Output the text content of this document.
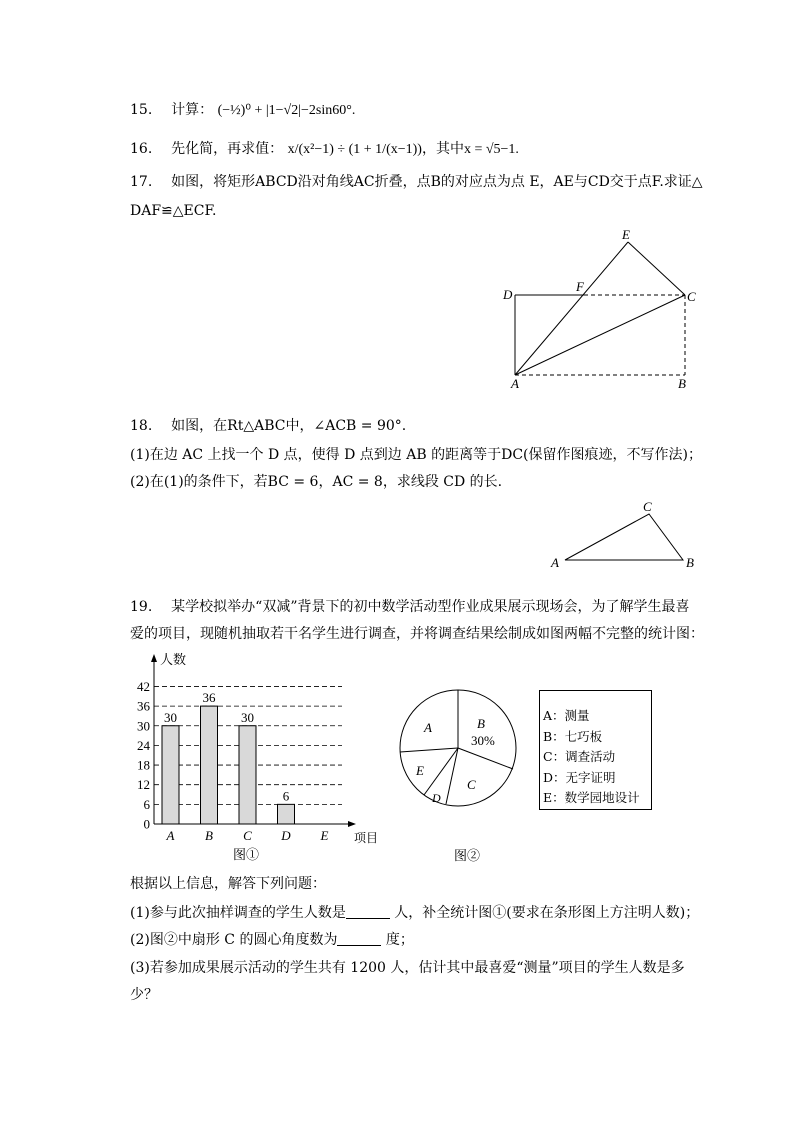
15. 计算： (−½)⁰ + |1−√2|−2sin60°.
16. 先化简，再求值： x/(x²−1) ÷ (1 + 1/(x−1))，其中x = √5−1.
17. 如图，将矩形ABCD沿对角线AC折叠，点B的对应点为点 E，AE与CD交于点F.求证△
DAF≌△ECF.
E
D
F
C
A	B
18. 如图，在Rt△ABC中，∠ACB = 90°.
(1)在边 AC 上找一个 D 点，使得 D 点到边 AB 的距离等于DC(保留作图痕迹，不写作法)；
(2)在(1)的条件下，若BC = 6，AC = 8，求线段 CD 的长.
A
C
B
19. 某学校拟举办“双减”背景下的初中数学活动型作业成果展示现场会，为了解学生最喜
爱的项目，现随机抽取若干名学生进行调查，并将调查结果绘制成如图两幅不完整的统计图：
0
6
12
18
24
30
36
42
A B C D E
30
36
30
6
人数
项目
图①
A	B
30%
C
D
E
图②
A：测量
B：七巧板
C：调查活动
D：无字证明
E：数学园地设计
根据以上信息，解答下列问题：
(1)参与此次抽样调查的学生人数是	人，补全统计图①(要求在条形图上方注明人数)；
(2)图②中扇形 C 的圆心角度数为	度；
(3)若参加成果展示活动的学生共有 1200 人，估计其中最喜爱“测量”项目的学生人数是多
少？
